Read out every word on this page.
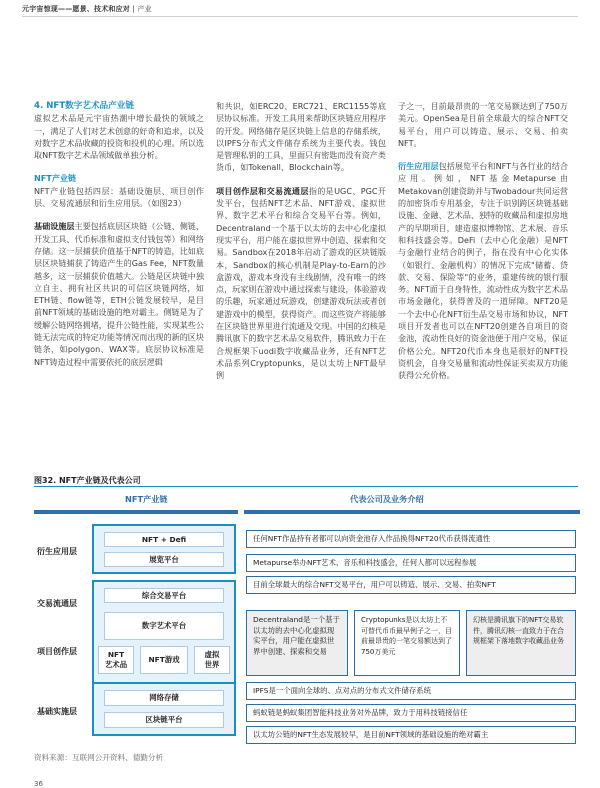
元宇宙惊现——愿景、技术和应对 | 产业
4. NFT数字艺术品产业链
虚拟艺术品是元宇宙热潮中增长最快的领域之一，满足了人们对艺术创意的好奇和追求，以及对数字艺术品收藏的投资和投机的心理。所以选取NFT数字艺术品领域做单独分析。
NFT产业链
NFT产业链包括四层：基础设施层、项目创作层、交易流通层和衍生应用层。（如图23）
基础设施层主要包括底层区块链（公链、侧链、开发工具、代币标准和虚拟支付钱包等）和网络存储。这一层捕获价值基于NFT的铸造，比如底层区块链捕获了铸造产生的Gas Fee，NFT数量越多，这一层捕获价值越大。公链是区块链中独立自主、拥有社区共识的可信区块链网络，如ETH链、flow链等，ETH公链发展较早，是目前NFT领域的基础设施的绝对霸主。侧链是为了缓解公链网络拥堵，提升公链性能，实现某些公链无法完成的特定功能等情况而出现的新的区块链条，如polygon、WAX等。底层协议标准是NFT铸造过程中需要依托的底层逻辑
和共识，如ERC20、ERC721、ERC1155等底层协议标准。开发工具用来帮助区块链应用程序的开发。网络储存是区块链上信息的存储系统，以IPFS分布式文件储存系统为主要代表。钱包是管理私钥的工具，里面只有密匙而没有资产类货币，如Tokenall、Blockchain等。
项目创作层和交易流通层指的是UGC、PGC开发平台，包括NFT艺术品、NFT游戏、虚拟世界、数字艺术平台和综合交易平台等。例如，Decentraland一个基于以太坊的去中心化虚拟现实平台，用户能在虚拟世界中创造、探索和交易。Sandbox在2018年启动了游戏的区块链版本，Sandbox的核心机制是Play-to-Earn的沙盒游戏，游戏本身没有主线剧情，没有唯一的终点，玩家则在游戏中通过探索与建设，体验游戏的乐趣，玩家通过玩游戏，创建游戏玩法或者创建游戏中的模型，获得资产。而这些资产将能够在区块链世界里进行流通及交现。中国的幻核是腾讯旗下的数字艺术品交易软件，腾讯致力于在合规框架下uodi数字收藏品业务，还有NFT艺术品系列Cryptopunks，是以太坊上NFT最早例
子之一，目前最昂贵的一笔交易额达到了750万美元。OpenSea是目前全球最大的综合NFT交易平台，用户可以铸造、展示、交易、拍卖NFT。
衍生应用层包括展览平台和NFT与各行业的结合应用。例如，NFT基金Metapurse由Metakovan创建资助并与Twobadour共同运营的加密货币专用基金，专注于识别跨区块链基础设施、金融、艺术品、独特的收藏品和虚拟房地产的早期项目，建造虚拟博物馆、艺术展、音乐和科技盛会等。DeFi（去中心化金融）是NFT与金融行业结合的例子，指在没有中心化实体（如银行、金融机构）的情况下完成"储蓄、贷款、交易、保险等"的业务，重建传统的银行服务。NFT面于自身特性，流动性成为数字艺术品市场金融化，获得普及的一道屏障。NFT20是一个去中心化NFT衍生品交易市场和协议，NFT项目开发者也可以在NFT20创建各自项目的资金池，流动性良好的资金池便于用户交易，保证价格公允。NFT20代币本身也是很好的NFT投资机会，自身交易量和流动性保证买卖双方功能获得公允价格。
图32. NFT产业链及代表公司
NFT产业链	代表公司及业务介绍
衍生应用层
交易流通层
项目创作层
基础实施层
NFT + Defi
展览平台
综合交易平台
数字艺术平台
NFT
艺术品
NFT游戏
虚拟
世界
网络存储
区块链平台
任何NFT作品持有者都可以向资金池存入作品换得NFT20代币获得流通性
Metapurse举办NFT艺术、音乐和科技盛会，任何人都可以远程参展
目前全球最大的综合NFT交易平台，用户可以铸造、展示、交易、拍卖NFT
Decentraland是一个基于以太坊的去中心化虚拟现实平台，用户能在虚拟世界中创建、探索和交易
Cryptopunks是以太坊上不可替代币币最早例子之一，目前最昂贵的一笔交易额达到了750万美元
幻核是腾讯旗下的NFT交易软件，腾讯幻核一直致力于在合规框架下落地数字收藏品业务
IPFS是一个面向全球的、点对点的分布式文件储存系统
蚂蚁链是蚂蚁集团智能科技业务对外品牌，致力于用科技链接信任
以太坊公链的NFT生态发展较早，是目前NFT领域的基础设施的绝对霸主
资料来源：互联网公开资料、德勤分析
36
